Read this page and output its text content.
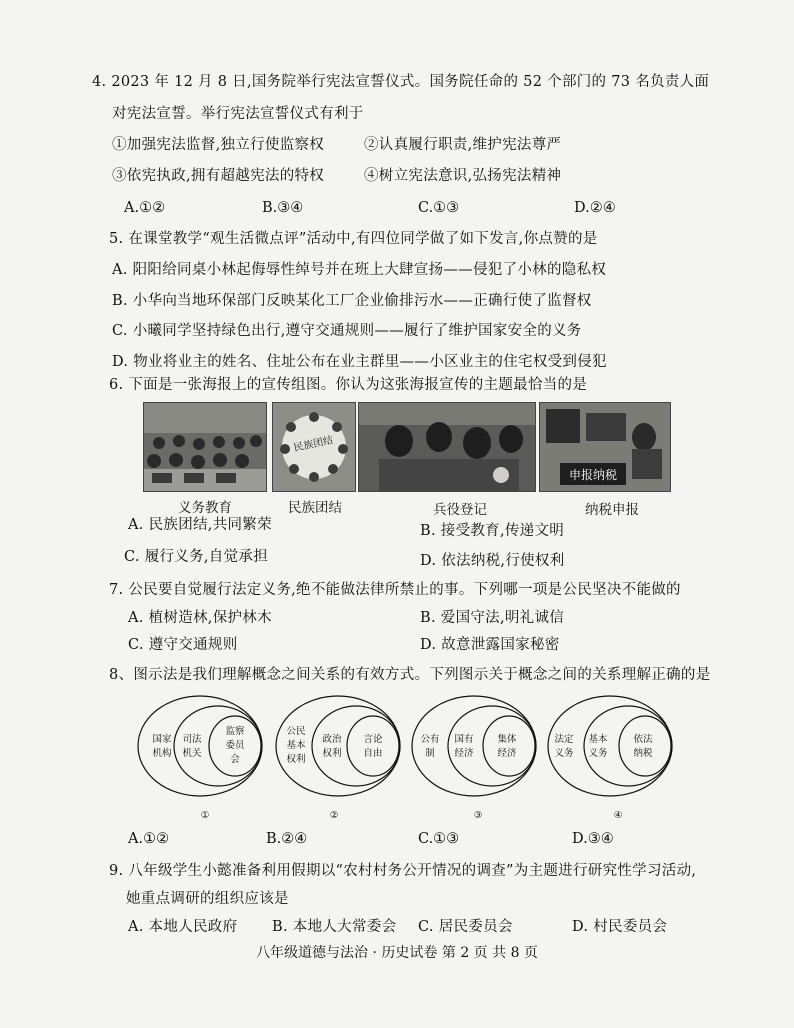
4. 2023 年 12 月 8 日,国务院举行宪法宣誓仪式。国务院任命的 52 个部门的 73 名负责人面
对宪法宣誓。举行宪法宣誓仪式有利于
①加强宪法监督,独立行使监察权	②认真履行职责,维护宪法尊严
③依宪执政,拥有超越宪法的特权	④树立宪法意识,弘扬宪法精神
A.①②	B.③④	C.①③	D.②④
5. 在课堂教学“观生活微点评”活动中,有四位同学做了如下发言,你点赞的是
A. 阳阳给同桌小林起侮辱性绰号并在班上大肆宣扬——侵犯了小林的隐私权
B. 小华向当地环保部门反映某化工厂企业偷排污水——正确行使了监督权
C. 小曦同学坚持绿色出行,遵守交通规则——履行了维护国家安全的义务
D. 物业将业主的姓名、住址公布在业主群里——小区业主的住宅权受到侵犯
6. 下面是一张海报上的宣传组图。你认为这张海报宣传的主题最恰当的是
民族团结
申报纳税
义务教育	民族团结	兵役登记	纳税申报
A. 民族团结,共同繁荣	B. 接受教育,传递文明
C. 履行义务,自觉承担	D. 依法纳税,行使权利
7. 公民要自觉履行法定义务,绝不能做法律所禁止的事。下列哪一项是公民坚决不能做的
A. 植树造林,保护林木	B. 爱国守法,明礼诚信
C. 遵守交通规则	D. 故意泄露国家秘密
8、图示法是我们理解概念之间关系的有效方式。下列图示关于概念之间的关系理解正确的是
国家
机构
司法
机关
监察
委员
会
①
公民
基本
权利
政治
权利
言论
自由
②
公有
制
国有
经济
集体
经济
③
法定
义务
基本
义务
依法
纳税
④
A.①②	B.②④	C.①③	D.③④
9. 八年级学生小懿准备利用假期以“农村村务公开情况的调查”为主题进行研究性学习活动,
她重点调研的组织应该是
A. 本地人民政府 B. 本地人大常委会 C. 居民委员会	D. 村民委员会
八年级道德与法治 · 历史试卷 第 2 页 共 8 页
